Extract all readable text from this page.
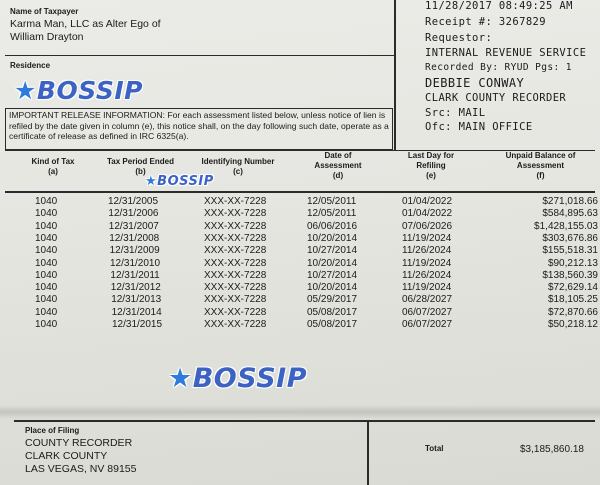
Name of Taxpayer
Karma Man, LLC as Alter Ego of
William Drayton
Residence
11/28/2017 08:49:25 AM
Receipt #: 3267829
Requestor:
INTERNAL REVENUE SERVICE
Recorded By: RYUD Pgs: 1
DEBBIE CONWAY
CLARK COUNTY RECORDER
Src: MAIL
Ofc: MAIN OFFICE
IMPORTANT RELEASE INFORMATION: For each assessment listed below, unless notice of lien is refiled by the date given in column (e), this notice shall, on the day following such date, operate as a certificate of release as defined in IRC 6325(a).
Kind of Tax
(a)
Tax Period Ended
(b)
Identifying Number
(c)
Date of Assessment
(d)
Last Day for Refiling
(e)
Unpaid Balance of Assessment
(f)
1040	12/31/2005	XXX-XX-7228	12/05/2011	01/04/2022	$271,018.66
1040	12/31/2006	XXX-XX-7228	12/05/2011	01/04/2022	$584,895.63
1040	12/31/2007	XXX-XX-7228	06/06/2016	07/06/2026	$1,428,155.03
1040	12/31/2008	XXX-XX-7228	10/20/2014	11/19/2024	$303,676.86
1040	12/31/2009	XXX-XX-7228	10/27/2014	11/26/2024	$155,518.31
1040	12/31/2010	XXX-XX-7228	10/20/2014	11/19/2024	$90,212.13
1040	12/31/2011	XXX-XX-7228	10/27/2014	11/26/2024	$138,560.39
1040	12/31/2012	XXX-XX-7228	10/20/2014	11/19/2024	$72,629.14
1040	12/31/2013	XXX-XX-7228	05/29/2017	06/28/2027	$18,105.25
1040	12/31/2014	XXX-XX-7228	05/08/2017	06/07/2027	$72,870.66
1040	12/31/2015	XXX-XX-7228	05/08/2017	06/07/2027	$50,218.12
Place of Filing
COUNTY RECORDER
CLARK COUNTY
LAS VEGAS, NV 89155
Total	$3,185,860.18
★BOSSIP
★BOSSIP
★BOSSIP
